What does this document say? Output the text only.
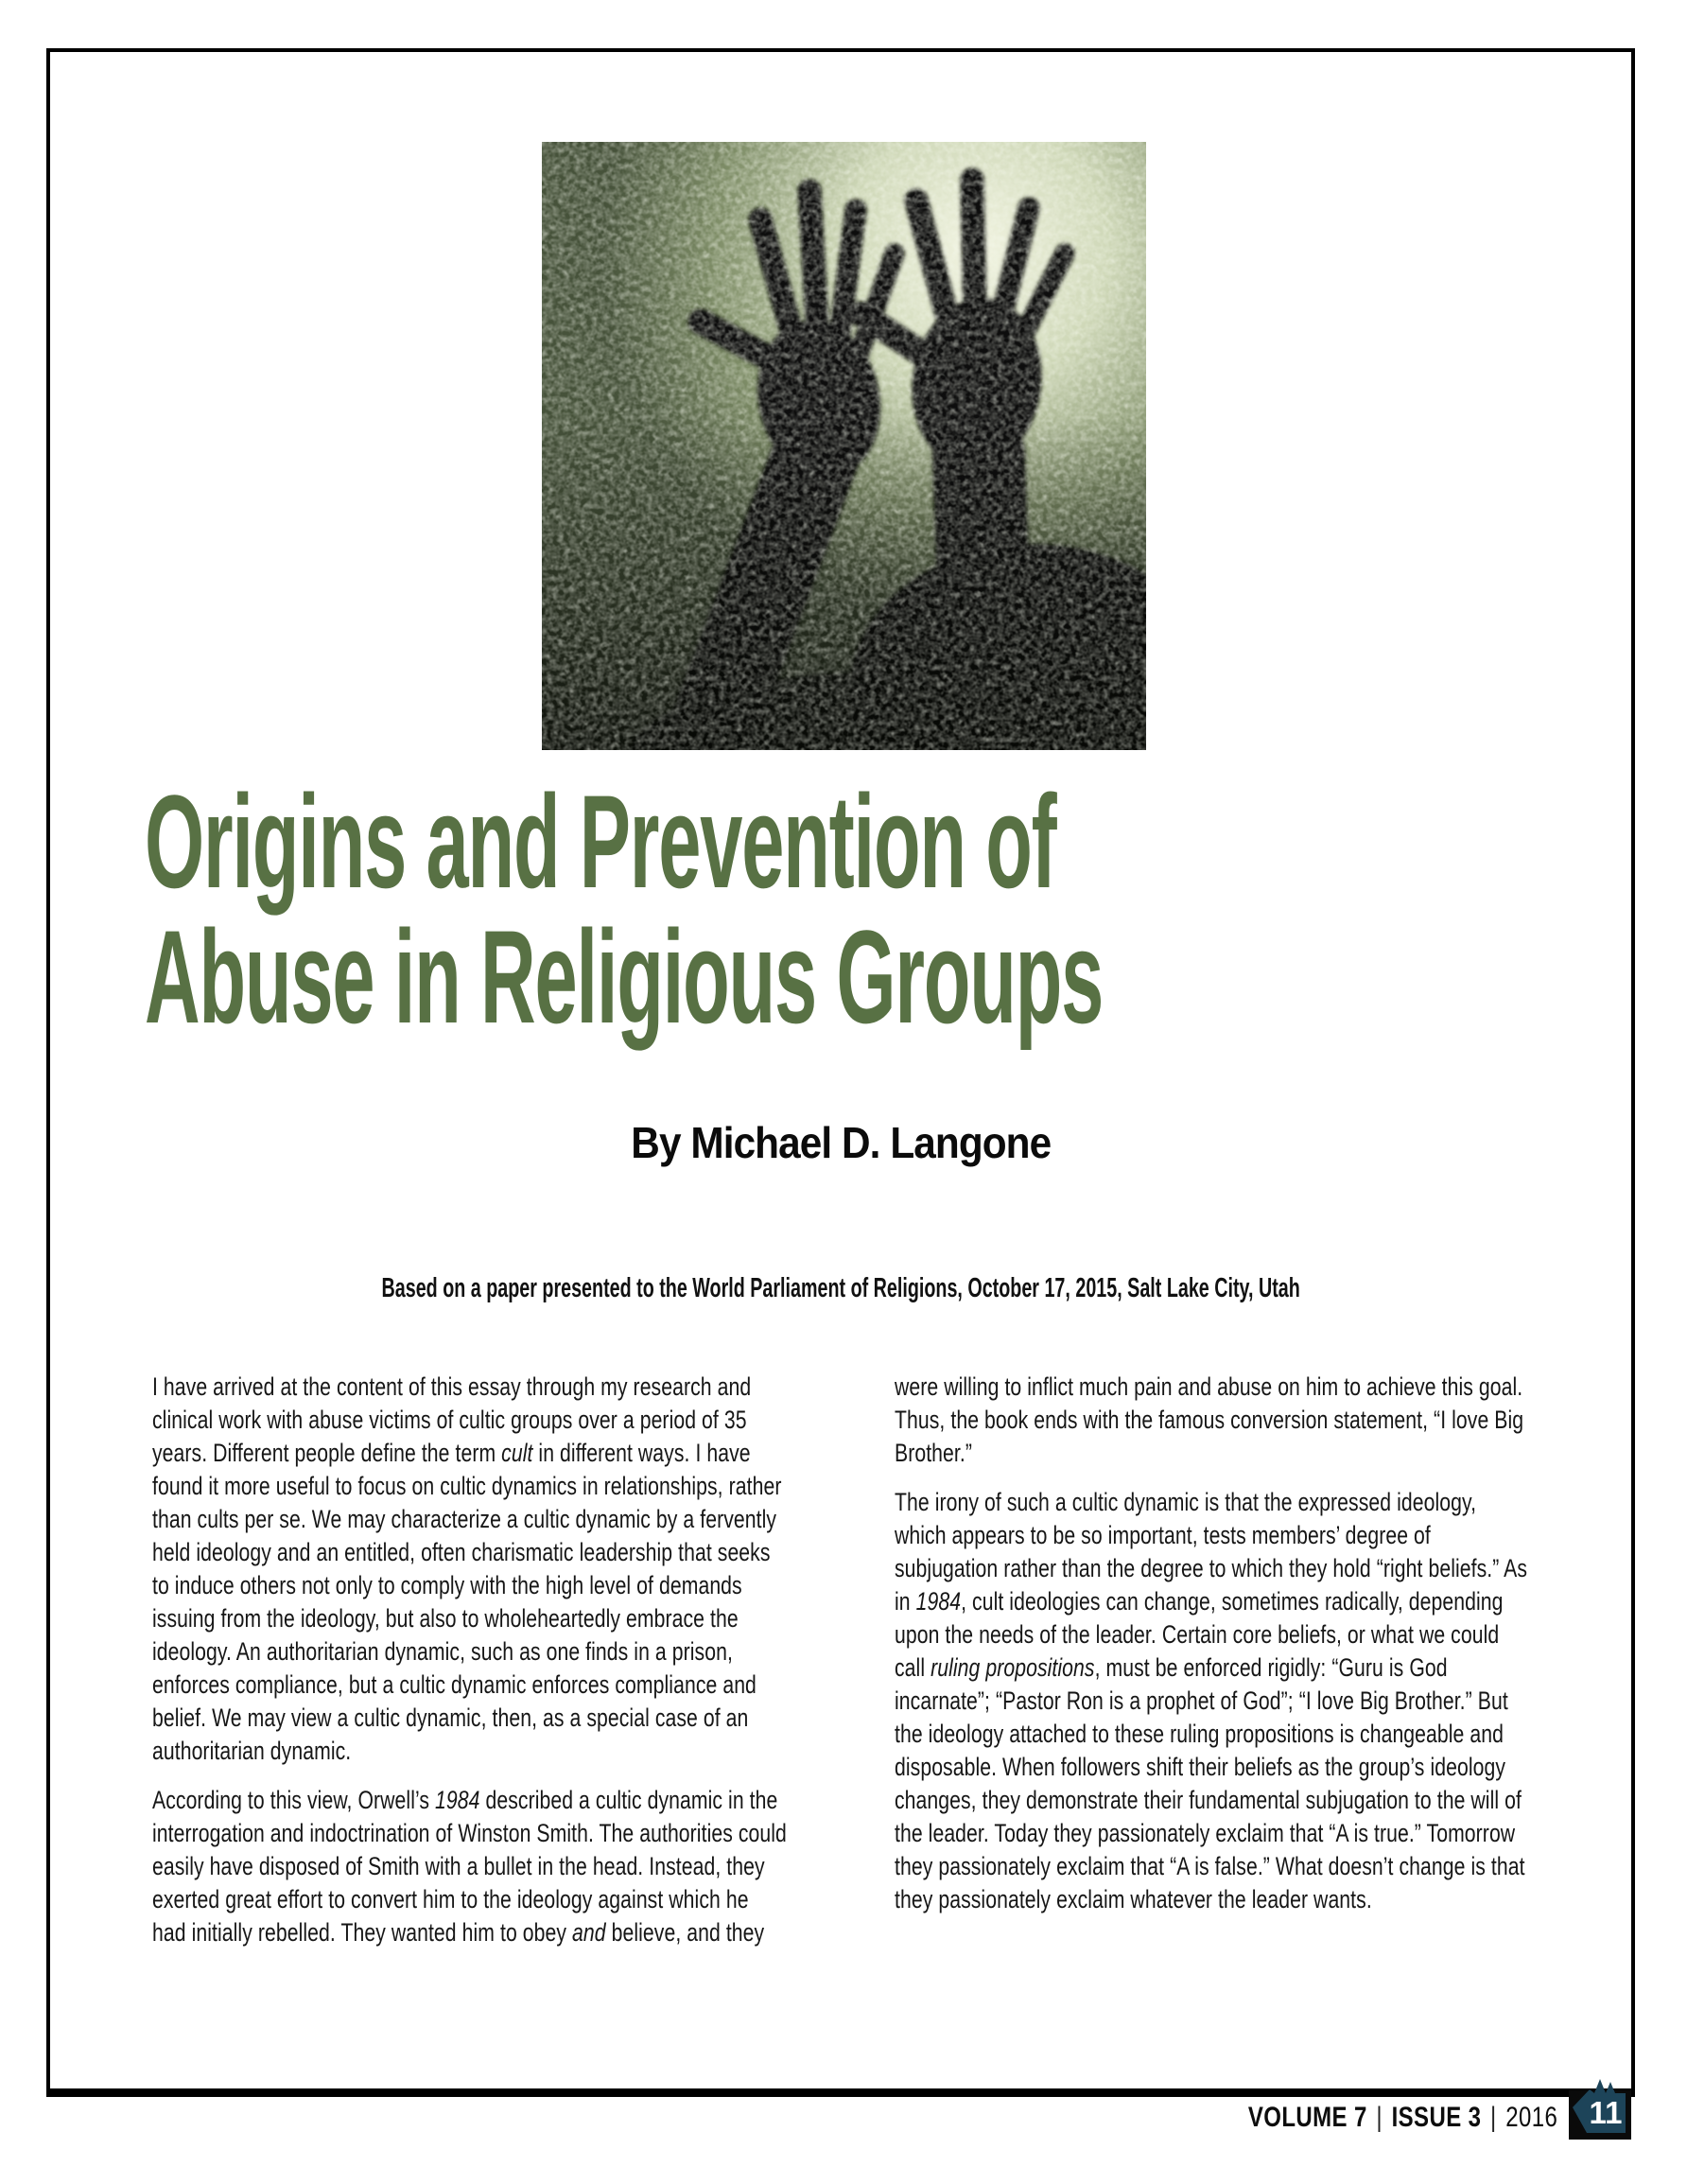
Origins and Prevention of
Abuse in Religious Groups
By Michael D. Langone
Based on a paper presented to the World Parliament of Religions, October 17, 2015, Salt Lake City, Utah

I have arrived at the content of this essay through my research and clinical work with abuse victims of cultic groups over a period of 35 years. Different people define the term cult in different ways. I have found it more useful to focus on cultic dynamics in relationships, rather than cults per se. We may characterize a cultic dynamic by a fervently held ideology and an entitled, often charismatic leadership that seeks to induce others not only to comply with the high level of demands issuing from the ideology, but also to wholeheartedly embrace the ideology. An authoritarian dynamic, such as one finds in a prison, enforces compliance, but a cultic dynamic enforces compliance and belief. We may view a cultic dynamic, then, as a special case of an authoritarian dynamic.

According to this view, Orwell’s 1984 described a cultic dynamic in the interrogation and indoctrination of Winston Smith. The authorities could easily have disposed of Smith with a bullet in the head. Instead, they exerted great effort to convert him to the ideology against which he had initially rebelled. They wanted him to obey and believe, and they

were willing to inflict much pain and abuse on him to achieve this goal. Thus, the book ends with the famous conversion statement, “I love Big Brother.”

The irony of such a cultic dynamic is that the expressed ideology, which appears to be so important, tests members’ degree of subjugation rather than the degree to which they hold “right beliefs.” As in 1984, cult ideologies can change, sometimes radically, depending upon the needs of the leader. Certain core beliefs, or what we could call ruling propositions, must be enforced rigidly: “Guru is God incarnate”; “Pastor Ron is a prophet of God”; “I love Big Brother.” But the ideology attached to these ruling propositions is changeable and disposable. When followers shift their beliefs as the group’s ideology changes, they demonstrate their fundamental subjugation to the will of the leader. Today they passionately exclaim that “A is true.” Tomorrow they passionately exclaim that “A is false.” What doesn’t change is that they passionately exclaim whatever the leader wants.

VOLUME 7 | ISSUE 3 | 2016 11
